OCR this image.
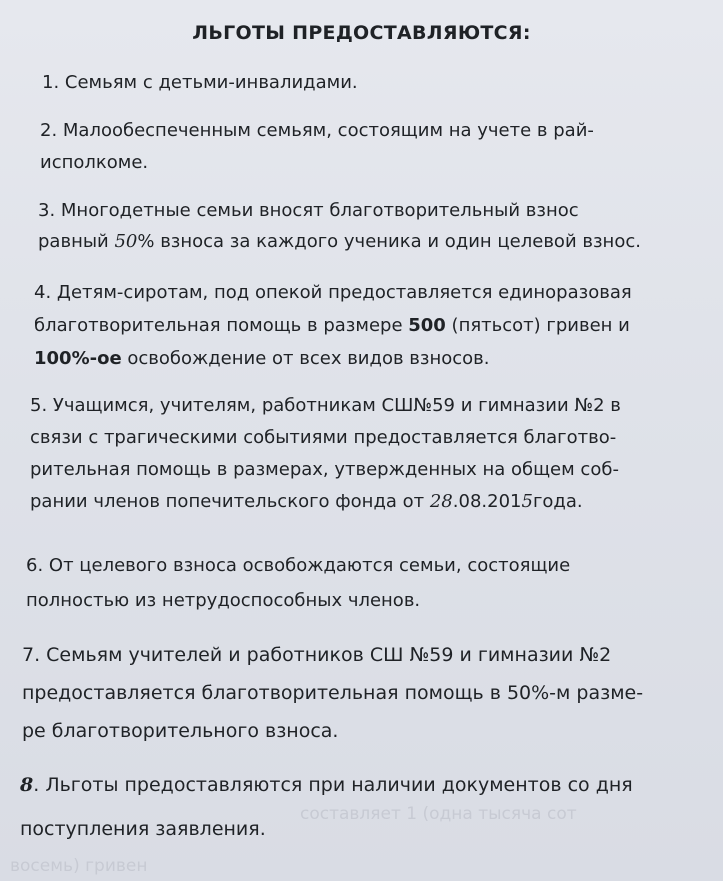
составляет 1 (одна тысяча сот
восемь) гривен
ЛЬГОТЫ ПРЕДОСТАВЛЯЮТСЯ:
1. Семьям с детьми-инвалидами.
2. Малообеспеченным семьям, состоящим на учете в рай-
исполкоме.
3. Многодетные семьи вносят благотворительный взнос
равный 50% взноса за каждого ученика и один целевой взнос.
4. Детям-сиротам, под опекой предоставляется единоразовая
благотворительная помощь в размере 500 (пятьсот) гривен и
100%-ое освобождение от всех видов взносов.
5. Учащимся, учителям, работникам СШ№59 и гимназии №2 в
связи с трагическими событиями предоставляется благотво-
рительная помощь в размерах, утвержденных на общем соб-
рании членов попечительского фонда от 28.08.2015года.
6. От целевого взноса освобождаются семьи, состоящие
полностью из нетрудоспособных членов.
7. Семьям учителей и работников СШ №59 и гимназии №2
предоставляется благотворительная помощь в 50%-м разме-
ре благотворительного взноса.
8. Льготы предоставляются при наличии документов со дня
поступления заявления.
